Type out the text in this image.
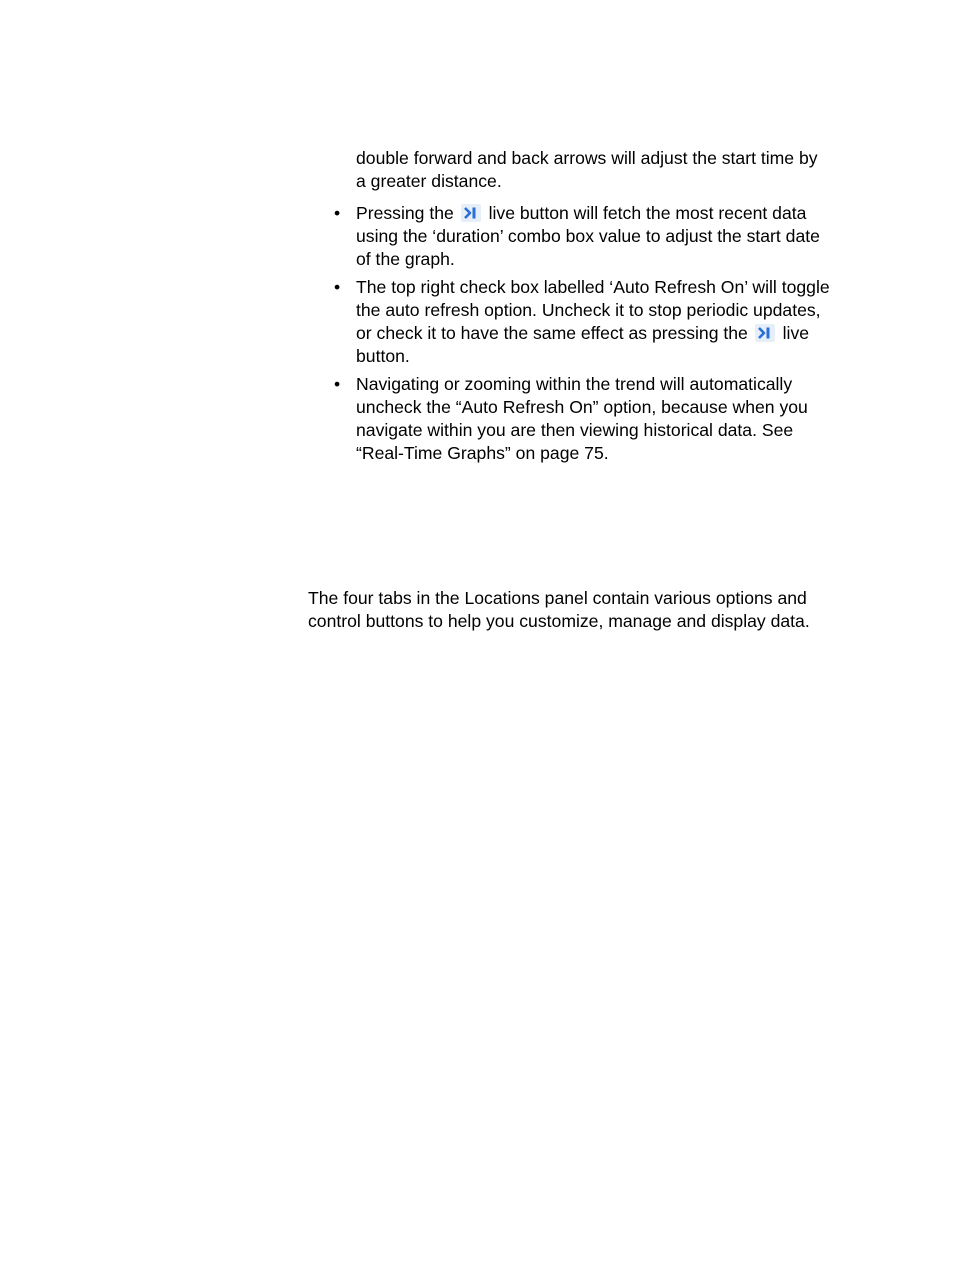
double forward and back arrows will adjust the start time by a greater distance.

• Pressing the
live button will fetch the most recent data using the ‘duration’ combo box value to adjust the start date of the graph.
• The top right check box labelled ‘Auto Refresh On’ will toggle the auto refresh option. Uncheck it to stop periodic updates, or check it to have the same effect as pressing the
live button.
• Navigating or zooming within the trend will automatically uncheck the “Auto Refresh On” option, because when you navigate within you are then viewing historical data. See “Real-Time Graphs” on page 75.

The four tabs in the Locations panel contain various options and control buttons to help you customize, manage and display data.
